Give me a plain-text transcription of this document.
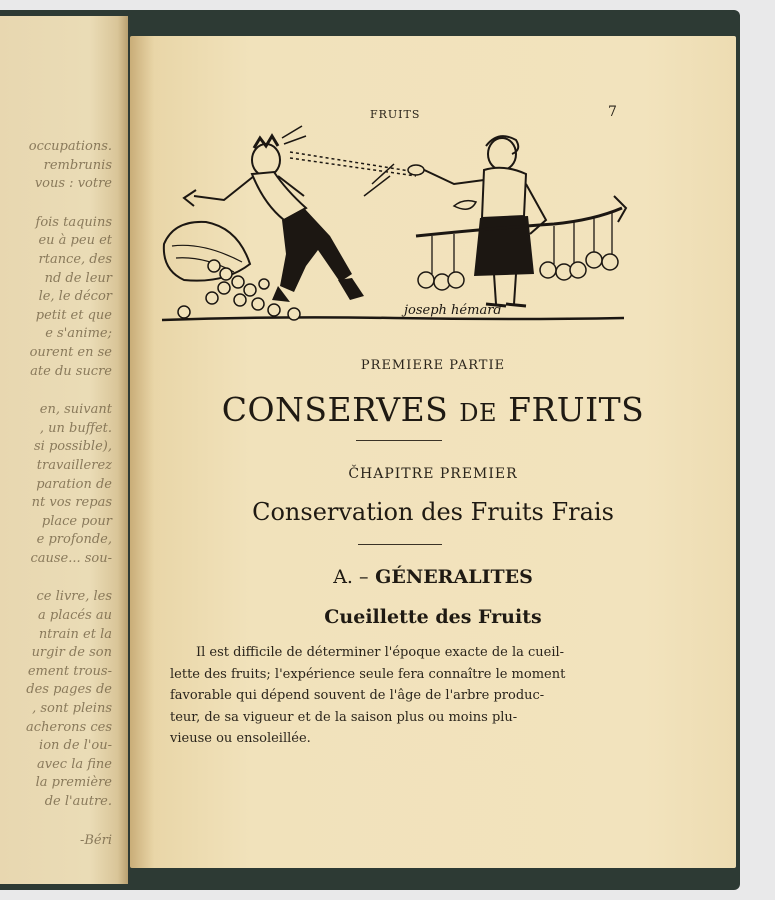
occupations.
rembrunis
vous : votre
fois taquins
eu à peu et
rtance, des
nd de leur
le, le décor
petit et que
e s'anime;
ourent en se
ate du sucre
en, suivant
, un buffet.
si possible),
travaillerez
paration de
nt vos repas
place pour
e profonde,
cause... sou-
ce livre, les
a placés au
ntrain et la
urgir de son
ement trous-
des pages de
, sont pleins
acherons ces
ion de l'ou-
avec la fine
la première
de l'autre.
-Béri
FRUITS	7
joseph hémard
PREMIERE PARTIE
CONSERVES DE FRUITS
ČHAPITRE PREMIER
Conservation des Fruits Frais
A. – GÉNERALITES
Cueillette des Fruits
Il est difficile de déterminer l'époque exacte de la cueil-
lette des fruits; l'expérience seule fera connaître le moment
favorable qui dépend souvent de l'âge de l'arbre produc-
teur, de sa vigueur et de la saison plus ou moins plu-
vieuse ou ensoleillée.
